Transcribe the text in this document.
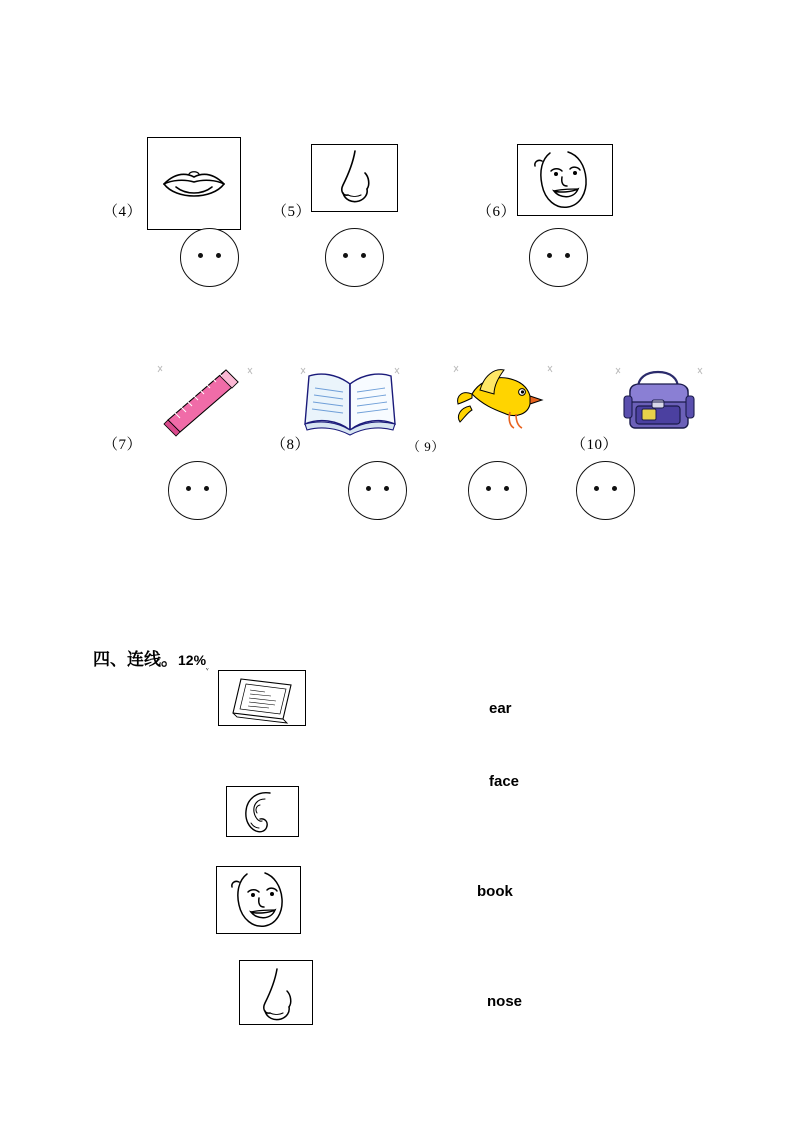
（4）	（5）	（6）
（7）	（8）	（ 9）	（10）
四、连线。$12\%_ᵥ$
ear
face
book
nose
